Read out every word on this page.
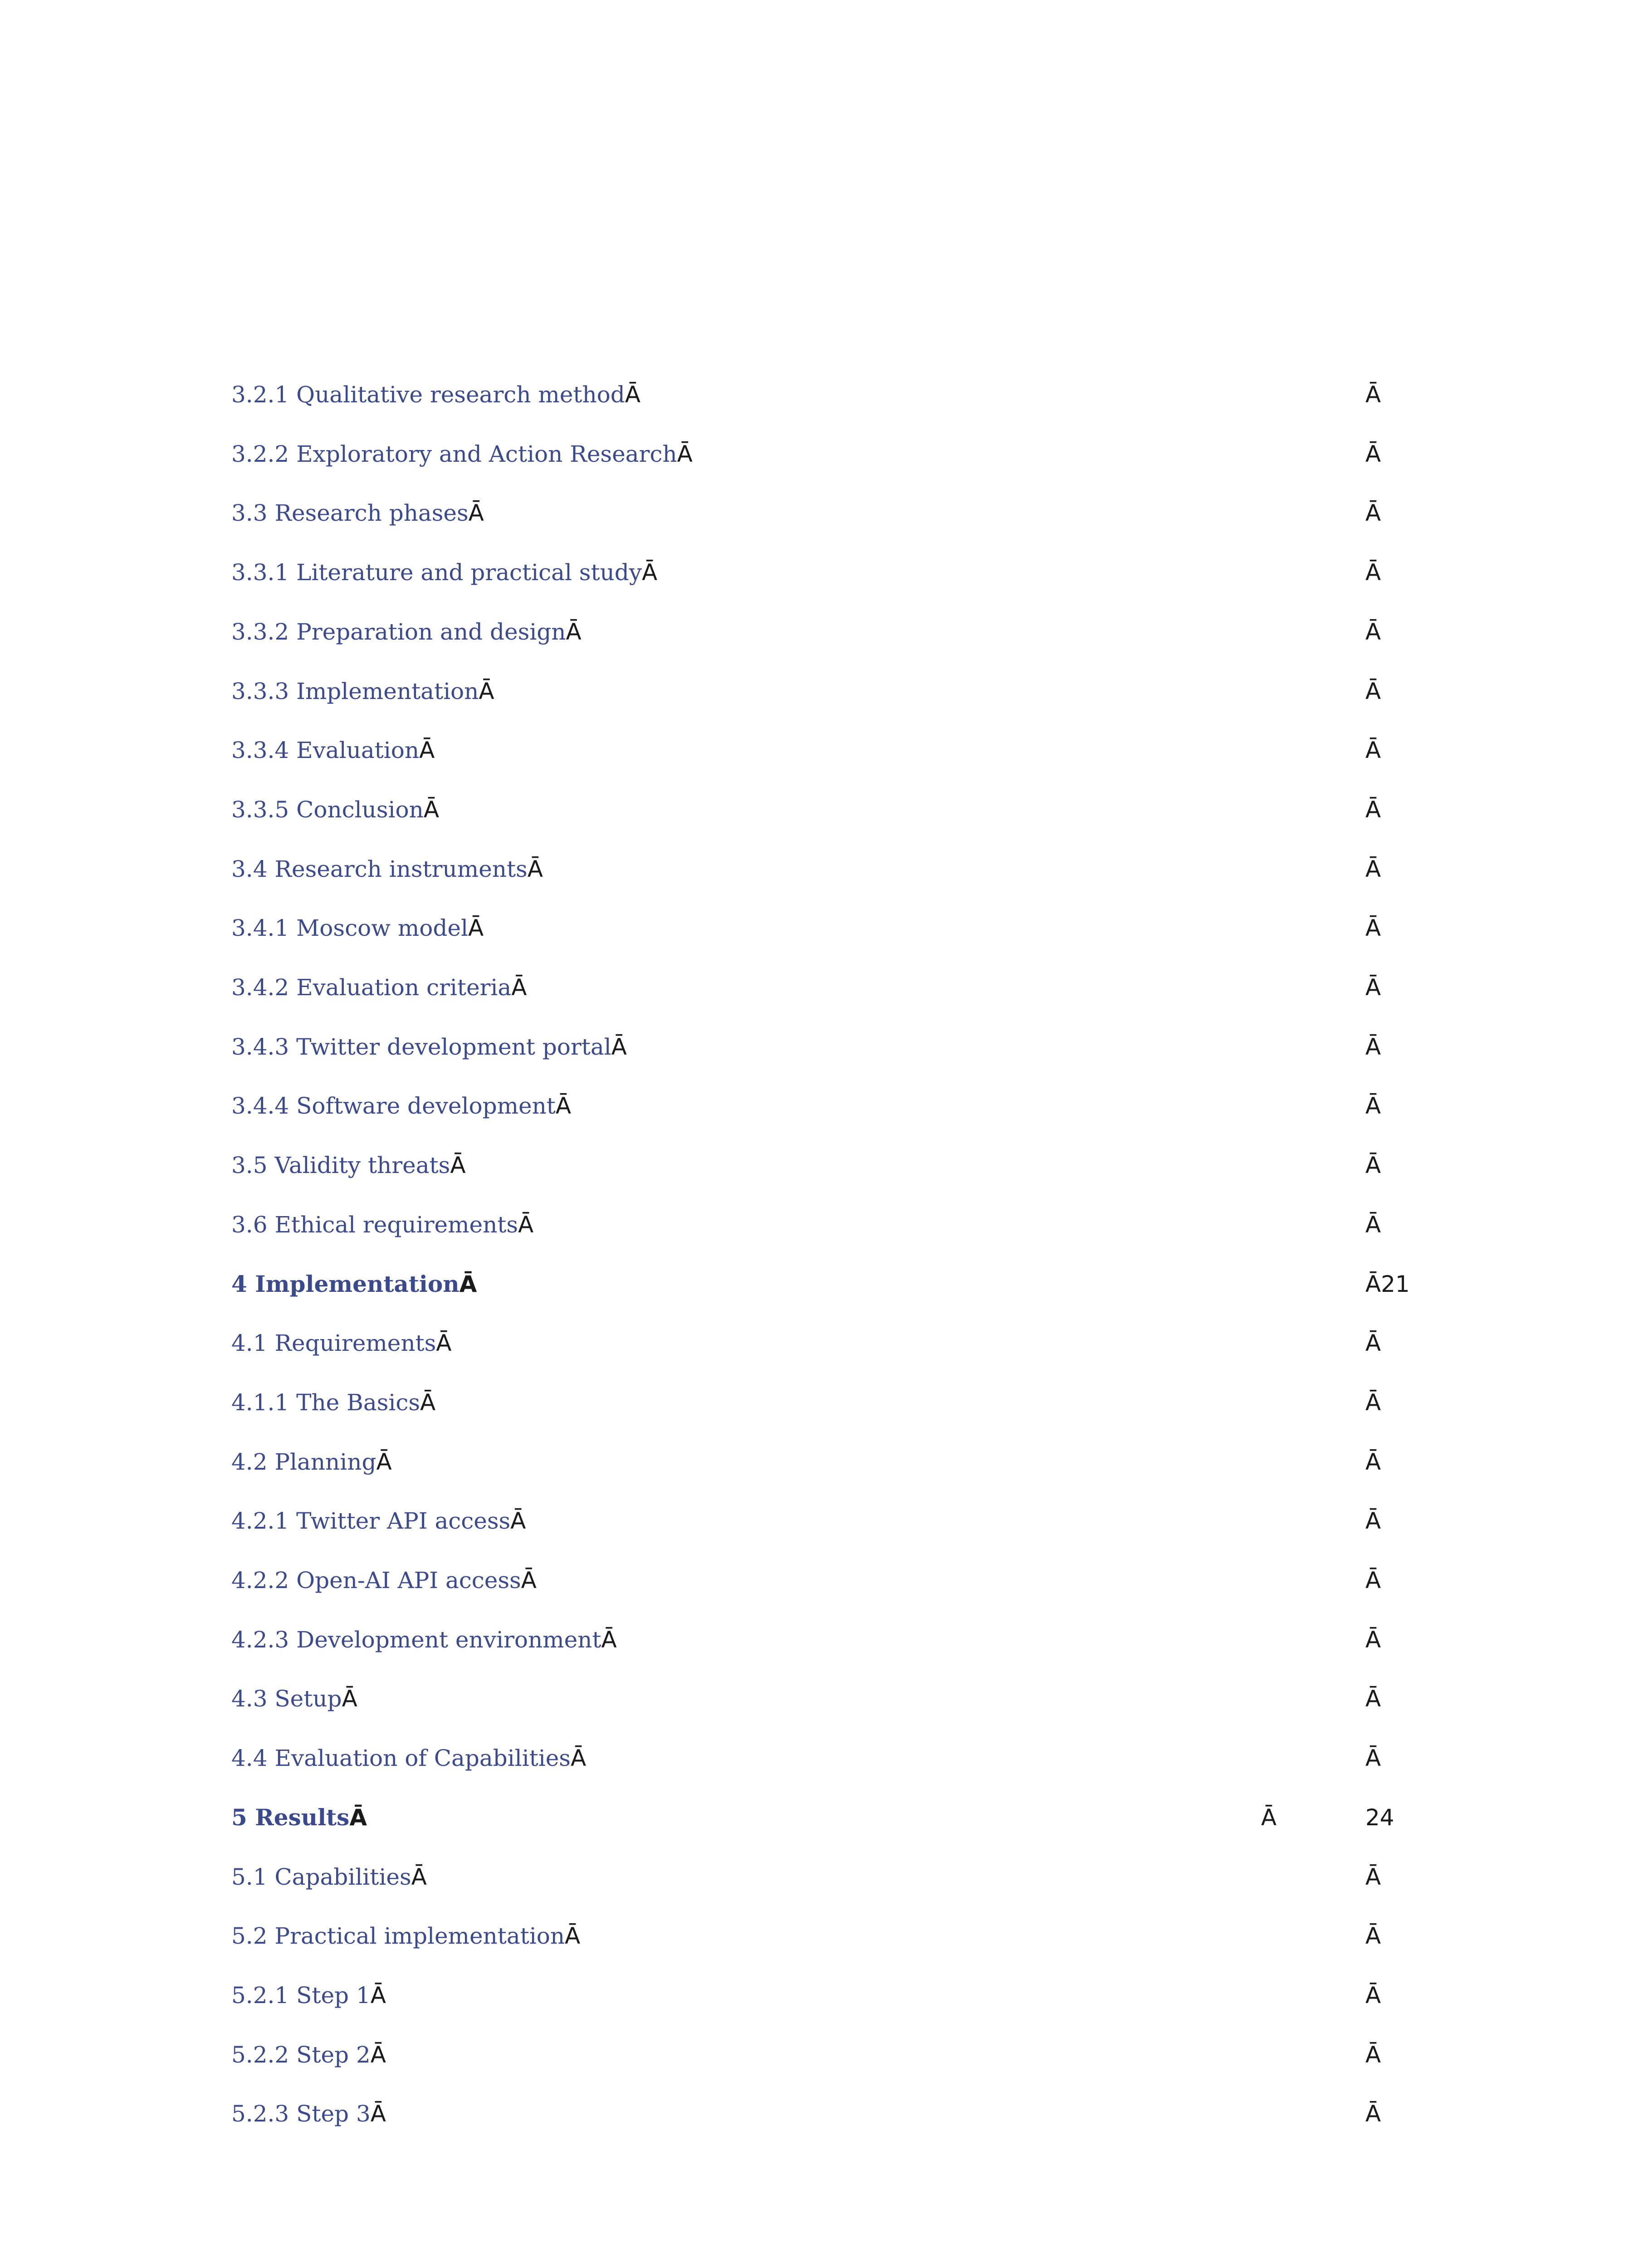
3.2.1 Qualitative research methodĀ	Ā
3.2.2 Exploratory and Action ResearchĀ	Ā
3.3 Research phasesĀ	Ā
3.3.1 Literature and practical studyĀ	Ā
3.3.2 Preparation and designĀ	Ā
3.3.3 ImplementationĀ	Ā
3.3.4 EvaluationĀ	Ā
3.3.5 ConclusionĀ	Ā
3.4 Research instrumentsĀ	Ā
3.4.1 Moscow modelĀ	Ā
3.4.2 Evaluation criteriaĀ	Ā
3.4.3 Twitter development portalĀ	Ā
3.4.4 Software developmentĀ	Ā
3.5 Validity threatsĀ	Ā
3.6 Ethical requirementsĀ	Ā
4 ImplementationĀ	Ā21
4.1 RequirementsĀ	Ā
4.1.1 The BasicsĀ	Ā
4.2 PlanningĀ	Ā
4.2.1 Twitter API accessĀ	Ā
4.2.2 Open-AI API accessĀ	Ā
4.2.3 Development environmentĀ	Ā
4.3 SetupĀ	Ā
4.4 Evaluation of CapabilitiesĀ	Ā
5 ResultsĀ	Ā	24
5.1 CapabilitiesĀ	Ā
5.2 Practical implementationĀ	Ā
5.2.1 Step 1Ā	Ā
5.2.2 Step 2Ā	Ā
5.2.3 Step 3Ā	Ā
